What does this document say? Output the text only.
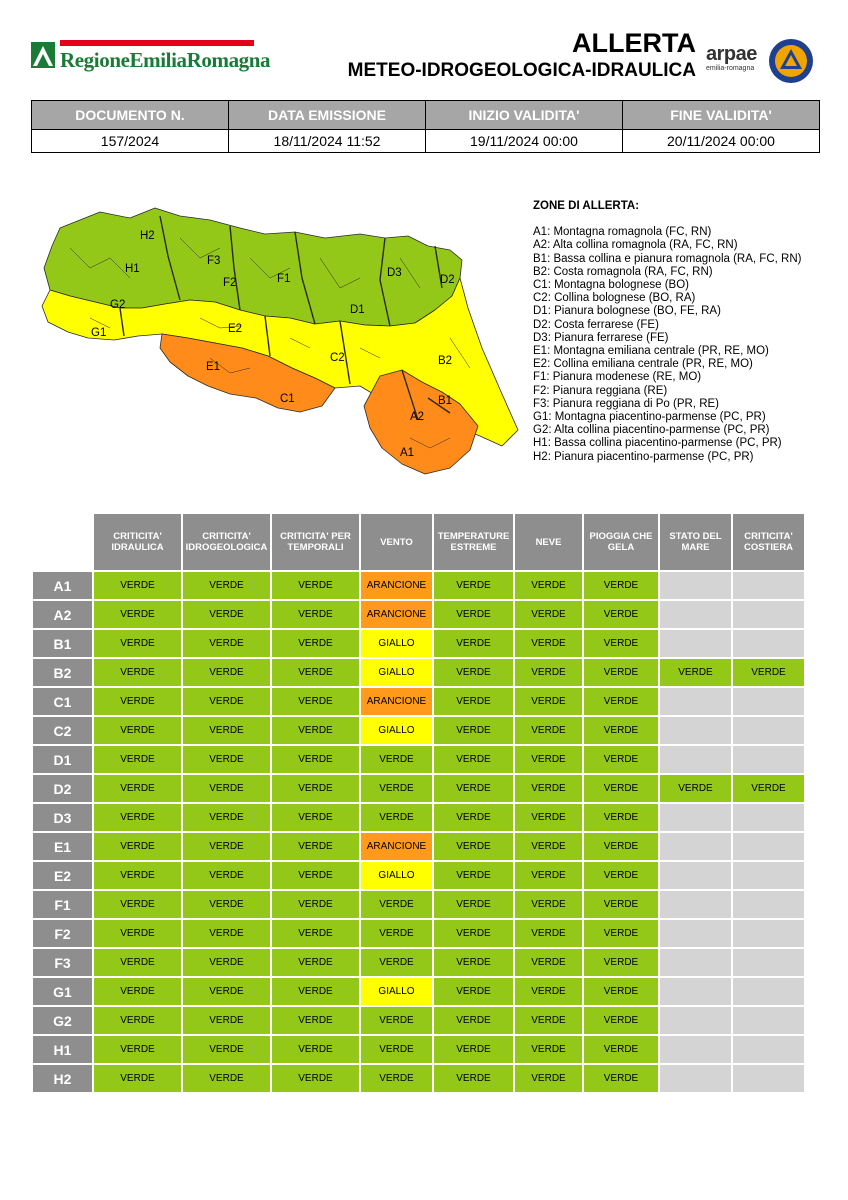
RegioneEmiliaRomagna
ALLERTA
METEO-IDROGEOLOGICA-IDRAULICA
arpae
emilia-romagna
DOCUMENTO N.	DATA EMISSIONE	INIZIO VALIDITA'	FINE VALIDITA'
157/2024	18/11/2024 11:52	19/11/2024 00:00	20/11/2024 00:00
H2
H1
G2
G1
F3
F2	F1	D3
D2
D1
E2
C2
E1
C1
B2
B1
A2
A1
ZONE DI ALLERTA:
A1: Montagna romagnola (FC, RN)
A2: Alta collina romagnola (RA, FC, RN)
B1: Bassa collina e pianura romagnola (RA, FC, RN)
B2: Costa romagnola (RA, FC, RN)
C1: Montagna bolognese (BO)
C2: Collina bolognese (BO, RA)
D1: Pianura bolognese (BO, FE, RA)
D2: Costa ferrarese (FE)
D3: Pianura ferrarese (FE)
E1: Montagna emiliana centrale (PR, RE, MO)
E2: Collina emiliana centrale (PR, RE, MO)
F1: Pianura modenese (RE, MO)
F2: Pianura reggiana (RE)
F3: Pianura reggiana di Po (PR, RE)
G1: Montagna piacentino-parmense (PC, PR)
G2: Alta collina piacentino-parmense (PC, PR)
H1: Bassa collina piacentino-parmense (PC, PR)
H2: Pianura piacentino-parmense (PC, PR)
	CRITICITA' IDRAULICA	CRITICITA' IDROGEOLOGICA	CRITICITA' PER TEMPORALI	VENTO	TEMPERATURE ESTREME	NEVE	PIOGGIA CHE GELA	STATO DEL MARE	CRITICITA' COSTIERA
A1	VERDE	VERDE	VERDE	ARANCIONE	VERDE	VERDE	VERDE		
A2	VERDE	VERDE	VERDE	ARANCIONE	VERDE	VERDE	VERDE		
B1	VERDE	VERDE	VERDE	GIALLO	VERDE	VERDE	VERDE		
B2	VERDE	VERDE	VERDE	GIALLO	VERDE	VERDE	VERDE	VERDE	VERDE
C1	VERDE	VERDE	VERDE	ARANCIONE	VERDE	VERDE	VERDE		
C2	VERDE	VERDE	VERDE	GIALLO	VERDE	VERDE	VERDE		
D1	VERDE	VERDE	VERDE	VERDE	VERDE	VERDE	VERDE		
D2	VERDE	VERDE	VERDE	VERDE	VERDE	VERDE	VERDE	VERDE	VERDE
D3	VERDE	VERDE	VERDE	VERDE	VERDE	VERDE	VERDE		
E1	VERDE	VERDE	VERDE	ARANCIONE	VERDE	VERDE	VERDE		
E2	VERDE	VERDE	VERDE	GIALLO	VERDE	VERDE	VERDE		
F1	VERDE	VERDE	VERDE	VERDE	VERDE	VERDE	VERDE		
F2	VERDE	VERDE	VERDE	VERDE	VERDE	VERDE	VERDE		
F3	VERDE	VERDE	VERDE	VERDE	VERDE	VERDE	VERDE		
G1	VERDE	VERDE	VERDE	GIALLO	VERDE	VERDE	VERDE		
G2	VERDE	VERDE	VERDE	VERDE	VERDE	VERDE	VERDE		
H1	VERDE	VERDE	VERDE	VERDE	VERDE	VERDE	VERDE		
H2	VERDE	VERDE	VERDE	VERDE	VERDE	VERDE	VERDE		
